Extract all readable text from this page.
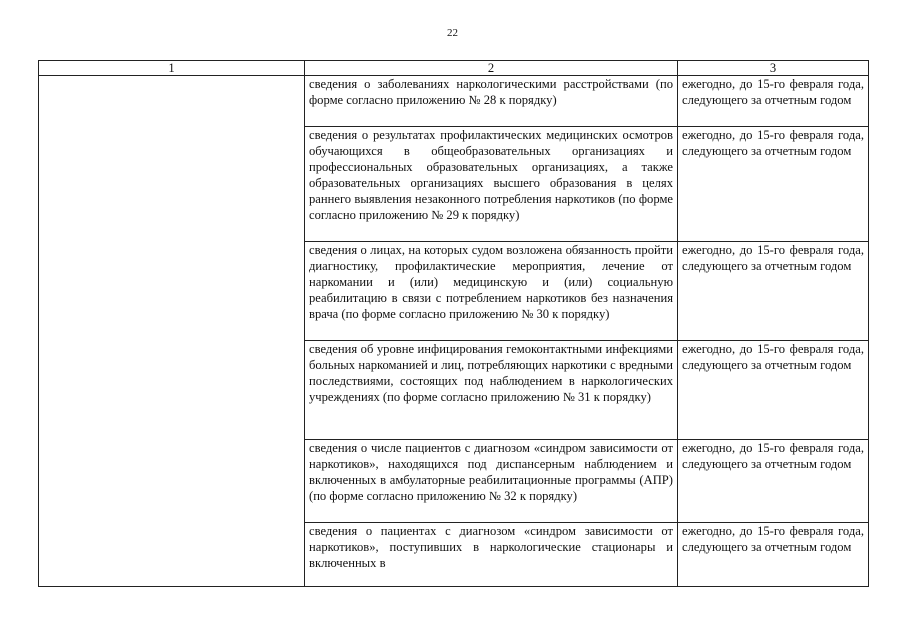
22
1	2	3
	сведения о заболеваниях наркологическими расстройствами (по форме согласно приложению № 28 к порядку)	ежегодно, до 15-го февраля года, следующего за отчетным годом
	сведения о результатах профилактических медицинских осмотров обучающихся в общеобразовательных организациях и профессиональных образовательных организациях, а также образовательных организациях высшего образования в целях раннего выявления незаконного потребления наркотиков (по форме согласно приложению № 29 к порядку)	ежегодно, до 15-го февраля года, следующего за отчетным годом
	сведения о лицах, на которых судом возложена обязанность пройти диагностику, профилактические мероприятия, лечение от наркомании и (или) медицинскую и (или) социальную реабилитацию в связи с потреблением наркотиков без назначения врача (по форме согласно приложению № 30 к порядку)	ежегодно, до 15-го февраля года, следующего за отчетным годом
	сведения об уровне инфицирования гемоконтактными инфекциями больных наркоманией и лиц, потребляющих наркотики с вредными последствиями, состоящих под наблюдением в наркологических учреждениях (по форме согласно приложению № 31 к порядку)	ежегодно, до 15-го февраля года, следующего за отчетным годом
	сведения о числе пациентов с диагнозом «синдром зависимости от наркотиков», находящихся под диспансерным наблюдением и включенных в амбулаторные реабилитационные программы (АПР) (по форме согласно приложению № 32 к порядку)	ежегодно, до 15-го февраля года, следующего за отчетным годом
	сведения о пациентах с диагнозом «синдром зависимости от наркотиков», поступивших в наркологические стационары и включенных в	ежегодно, до 15-го февраля года, следующего за отчетным годом
